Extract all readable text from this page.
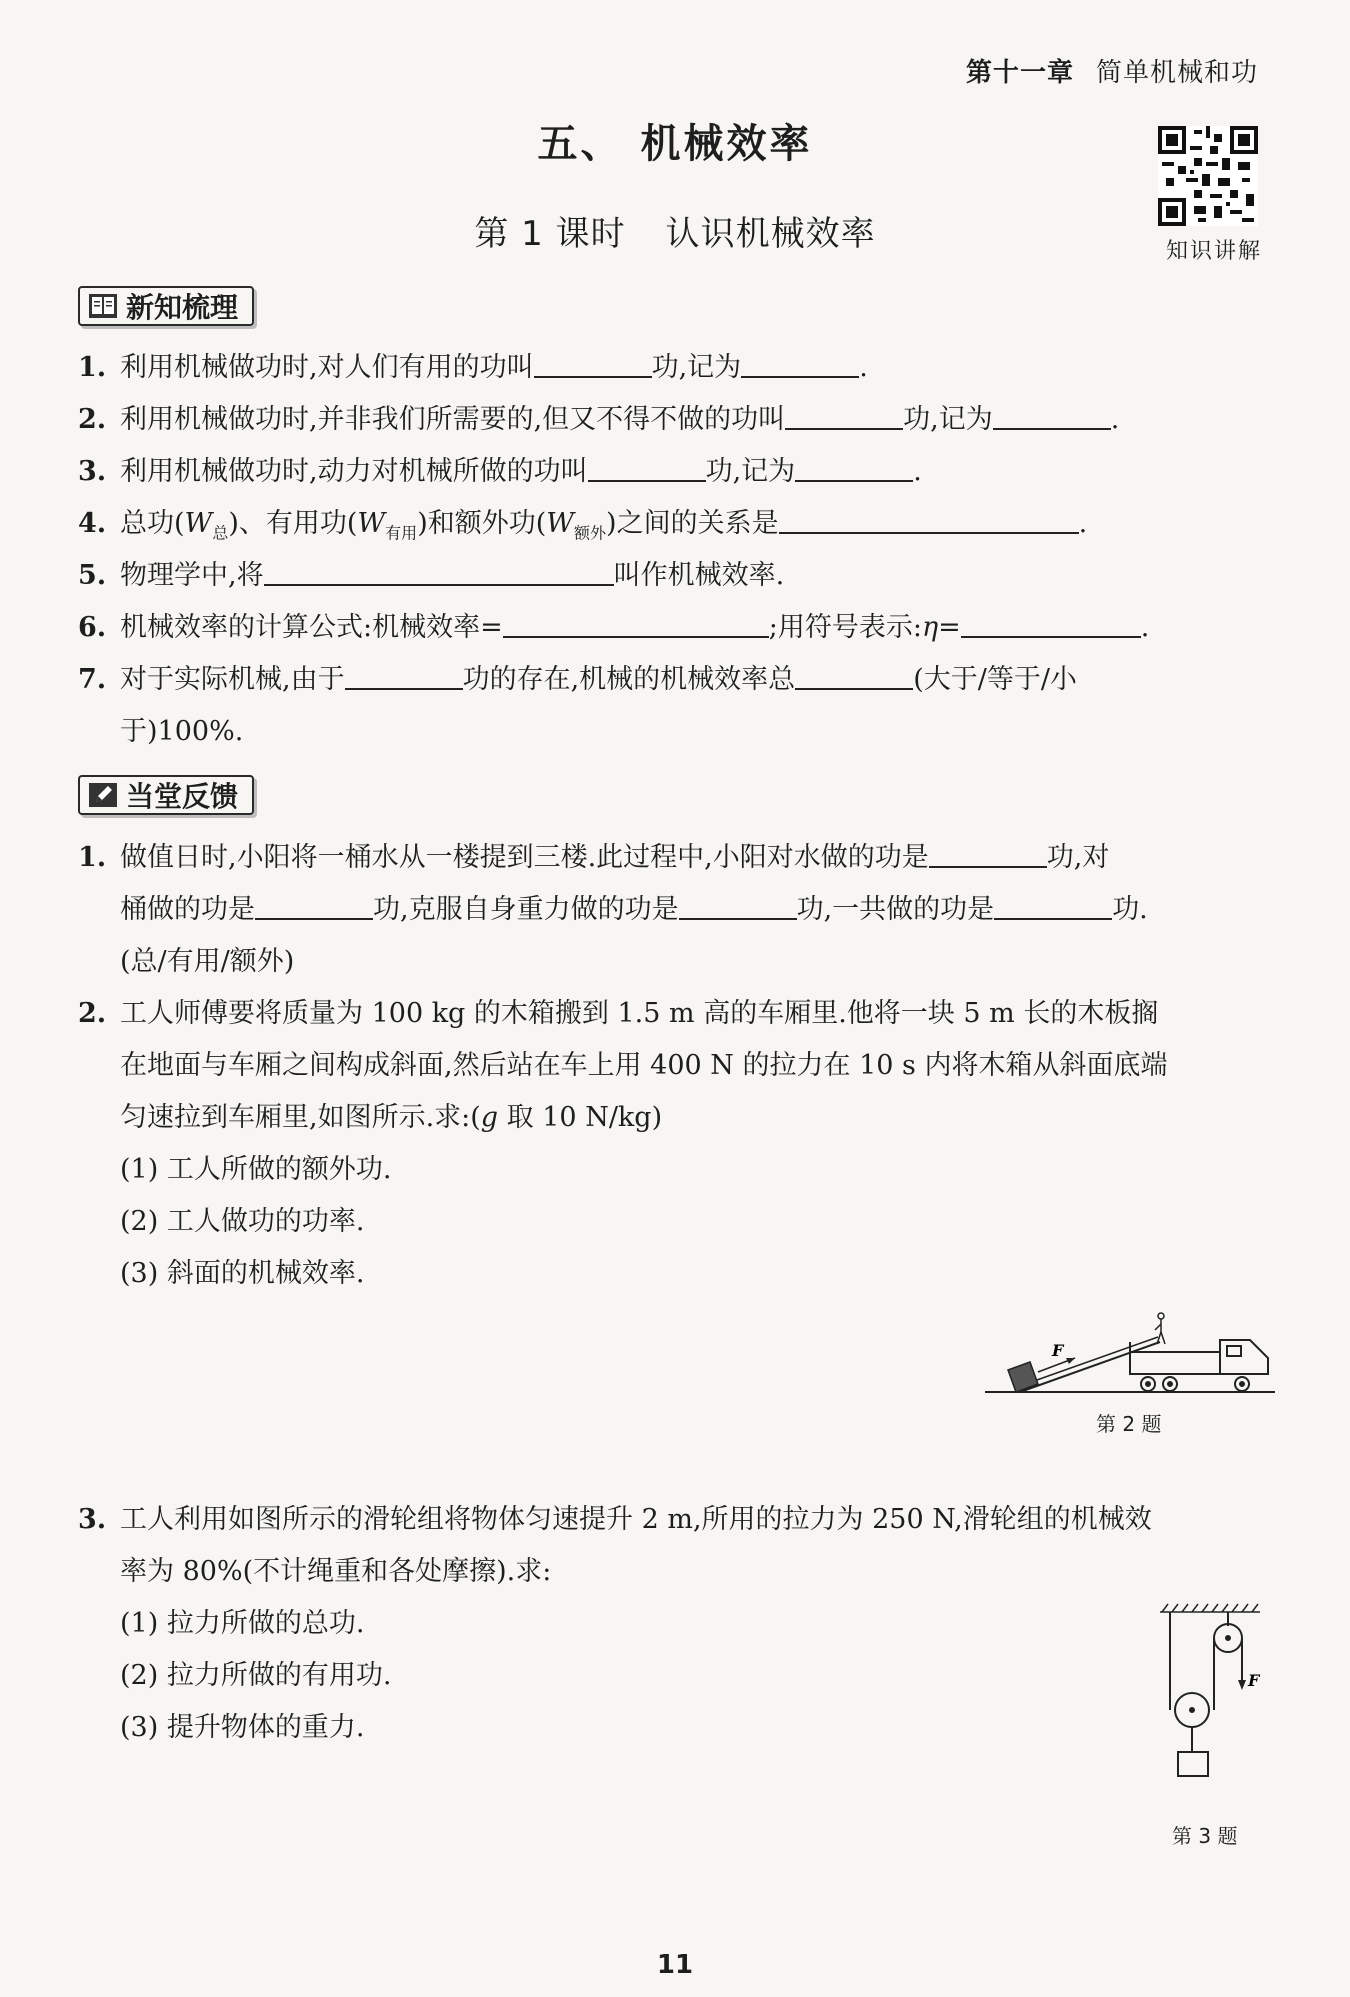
第十一章 简单机械和功
五、 机械效率
第 1 课时 认识机械效率	知识讲解
新知梳理
1. 利用机械做功时,对人们有用的功叫	功,记为	.
2. 利用机械做功时,并非我们所需要的,但又不得不做的功叫	功,记为	.
3. 利用机械做功时,动力对机械所做的功叫	功,记为	.
4. 总功$(W_总)$、有用功$(W_{有用})$和额外功$(W_{额外})$之间的关系是	.
5. 物理学中,将	叫作机械效率.
6. 机械效率的计算公式:机械效率=	;用符号表示:η=	.
7. 对于实际机械,由于	功的存在,机械的机械效率总	(大于/等于/小
于)100%.
当堂反馈
1. 做值日时,小阳将一桶水从一楼提到三楼.此过程中,小阳对水做的功是	功,对
桶做的功是	功,克服自身重力做的功是	功,一共做的功是	功.
(总/有用/额外)
2. 工人师傅要将质量为 100 kg 的木箱搬到 1.5 m 高的车厢里.他将一块 5 m 长的木板搁
在地面与车厢之间构成斜面,然后站在车上用 400 N 的拉力在 10 s 内将木箱从斜面底端
匀速拉到车厢里,如图所示.求:(g 取 10 N/kg)
(1) 工人所做的额外功.
(2) 工人做功的功率.
(3) 斜面的机械效率.
F
第 2 题
3. 工人利用如图所示的滑轮组将物体匀速提升 2 m,所用的拉力为 250 N,滑轮组的机械效
率为 80%(不计绳重和各处摩擦).求:
(1) 拉力所做的总功.
(2) 拉力所做的有用功.
(3) 提升物体的重力.
F
第 3 题
11
